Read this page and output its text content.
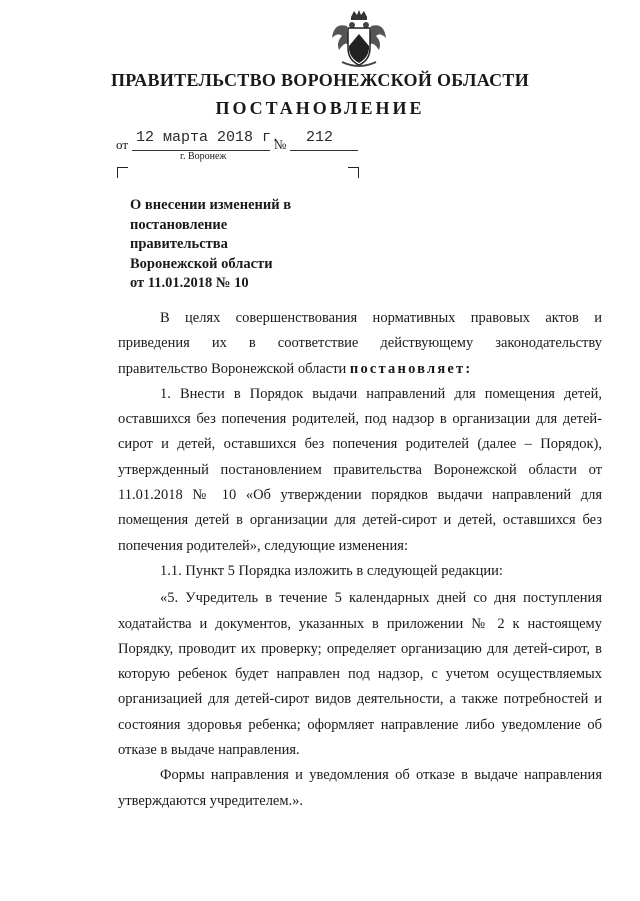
ПРАВИТЕЛЬСТВО ВОРОНЕЖСКОЙ ОБЛАСТИ
ПОСТАНОВЛЕНИЕ
от 12 марта 2018 г.
№ 212
г. Воронеж
О внесении изменений в
постановление
правительства
Воронежской области
от 11.01.2018 № 10

В целях совершенствования нормативных правовых актов и приведения их в соответствие действующему законодательству правительство Воронежской области постановляет:

1. Внести в Порядок выдачи направлений для помещения детей, оставшихся без попечения родителей, под надзор в организации для детей-сирот и детей, оставшихся без попечения родителей (далее – Порядок), утвержденный постановлением правительства Воронежской области от 11.01.2018 № 10 «Об утверждении порядков выдачи направлений для помещения детей в организации для детей-сирот и детей, оставшихся без попечения родителей», следующие изменения:

1.1. Пункт 5 Порядка изложить в следующей редакции:

«5. Учредитель в течение 5 календарных дней со дня поступления ходатайства и документов, указанных в приложении № 2 к настоящему Порядку, проводит их проверку; определяет организацию для детей-сирот, в которую ребенок будет направлен под надзор, с учетом осуществляемых организацией для детей-сирот видов деятельности, а также потребностей и состояния здоровья ребенка; оформляет направление либо уведомление об отказе в выдаче направления.

Формы направления и уведомления об отказе в выдаче направления утверждаются учредителем.».
